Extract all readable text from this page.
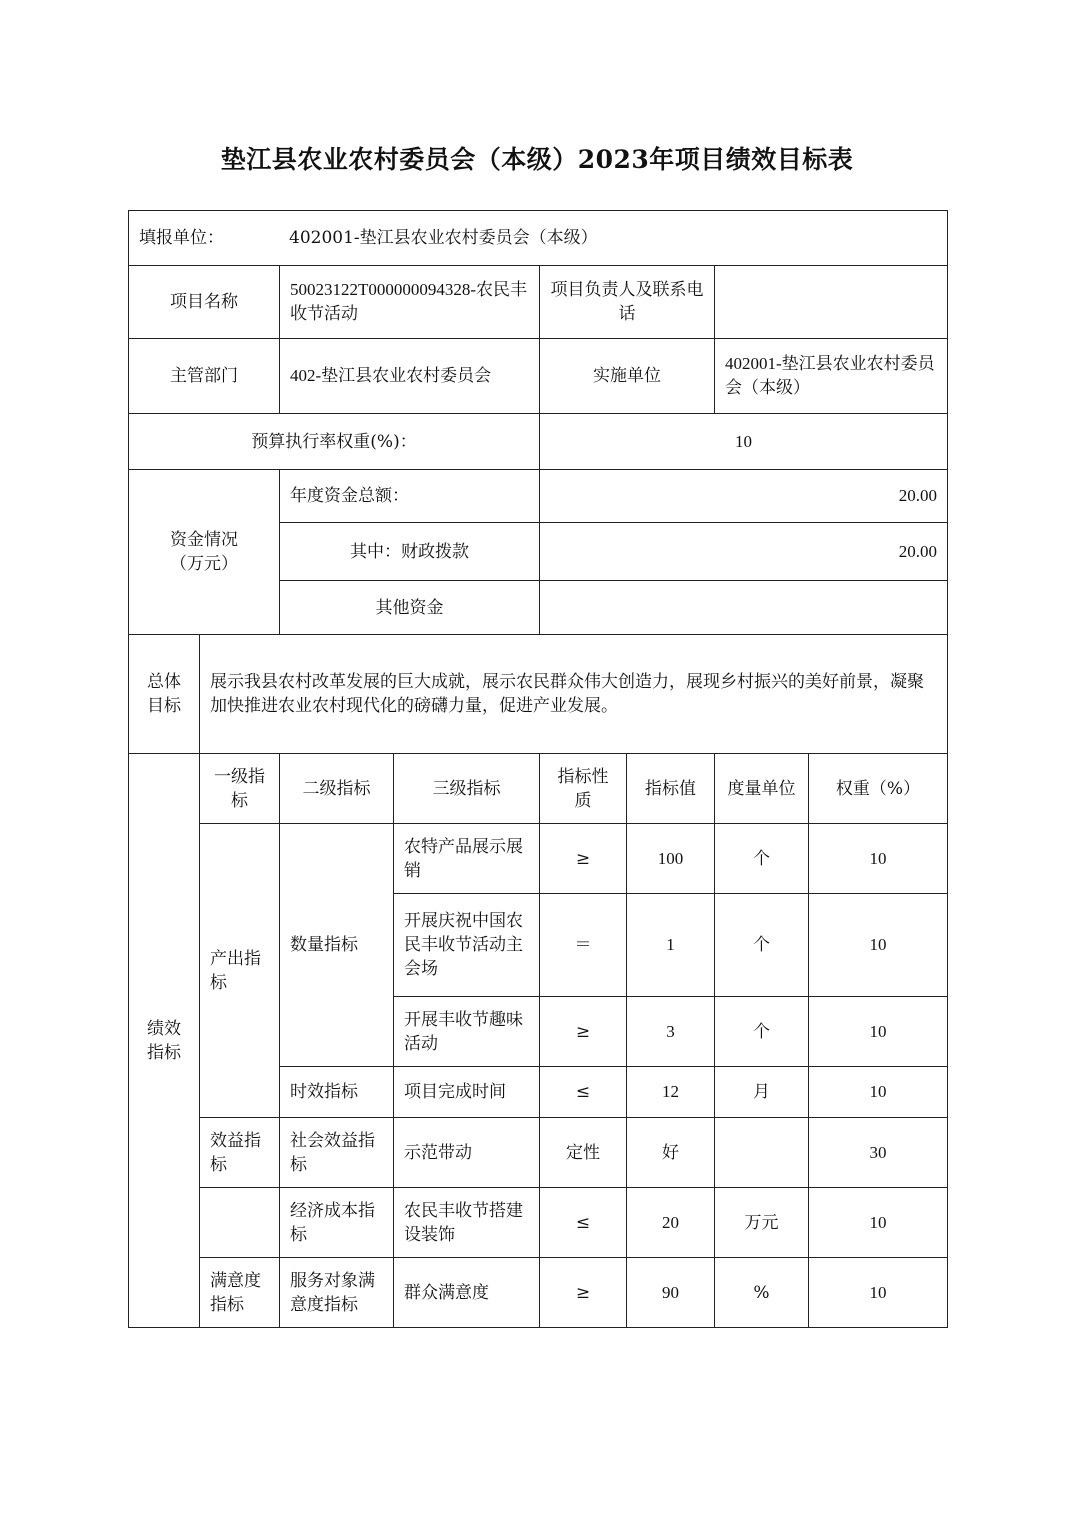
垫江县农业农村委员会（本级）2023年项目绩效目标表
填报单位： 402001-垫江县农业农村委员会（本级）							
项目名称		50023122T000000094328-农民丰收节活动		项目负责人及联系电话			
主管部门		402-垫江县农业农村委员会		实施单位		402001-垫江县农业农村委员会（本级）	
预算执行率权重(%)：				10			
资金情况（万元）		年度资金总额：		20.00			
		其中：财政拨款		20.00			
		其他资金					
总体目标	展示我县农村改革发展的巨大成就，展示农民群众伟大创造力，展现乡村振兴的美好前景，凝聚加快推进农业农村现代化的磅礴力量，促进产业发展。						
绩效指标	一级指标	二级指标	三级指标	指标性质	指标值	度量单位	权重（%）
	产出指标	数量指标	农特产品展示展销	≥	100	个	10
			开展庆祝中国农民丰收节活动主会场	＝	1	个	10
			开展丰收节趣味活动	≥	3	个	10
		时效指标	项目完成时间	≤	12	月	10
	效益指标	社会效益指标	示范带动	定性	好		30
		经济成本指标	农民丰收节搭建设装饰	≤	20	万元	10
	满意度指标	服务对象满意度指标	群众满意度	≥	90	%	10
